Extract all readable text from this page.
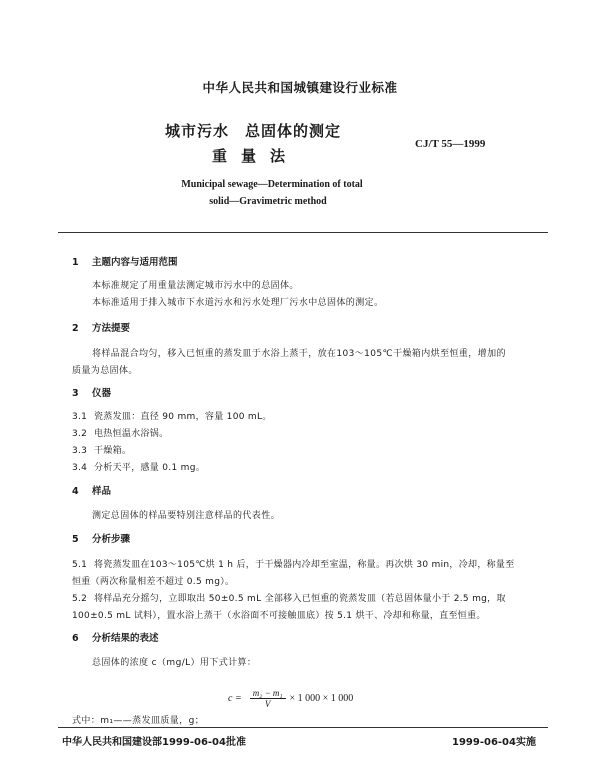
中华人民共和国城镇建设行业标准
城市污水 总固体的测定
重量法
CJ/T 55—1999
Municipal sewage—Determination of total
solid—Gravimetric method
1 主题内容与适用范围
本标准规定了用重量法测定城市污水中的总固体。
本标准适用于排入城市下水道污水和污水处理厂污水中总固体的测定。
2 方法提要
将样品混合均匀，移入已恒重的蒸发皿于水浴上蒸干，放在103～105℃干燥箱内烘至恒重，增加的
质量为总固体。
3 仪器
3.1 瓷蒸发皿：直径 90 mm，容量 100 mL。
3.2 电热恒温水浴锅。
3.3 干燥箱。
3.4 分析天平，感量 0.1 mg。
4 样品
测定总固体的样品要特别注意样品的代表性。
5 分析步骤
5.1 将瓷蒸发皿在103～105℃烘 1 h 后，于干燥器内冷却至室温，称量。再次烘 30 min，冷却，称量至
恒重（两次称量相差不超过 0.5 mg）。
5.2 将样品充分摇匀，立即取出 50±0.5 mL 全部移入已恒重的瓷蒸发皿（若总固体量小于 2.5 mg，取
100±0.5 mL 试料），置水浴上蒸干（水浴面不可接触皿底）按 5.1 烘干、冷却和称量，直至恒重。
6 分析结果的表述
总固体的浓度 c（mg/L）用下式计算：
$c = \frac{\text{m₂ − m₁}}{V} \times 1$ 000 × 1 000
式中：m₁——蒸发皿质量，g；
中华人民共和国建设部1999-06-04批准	1999-06-04实施
